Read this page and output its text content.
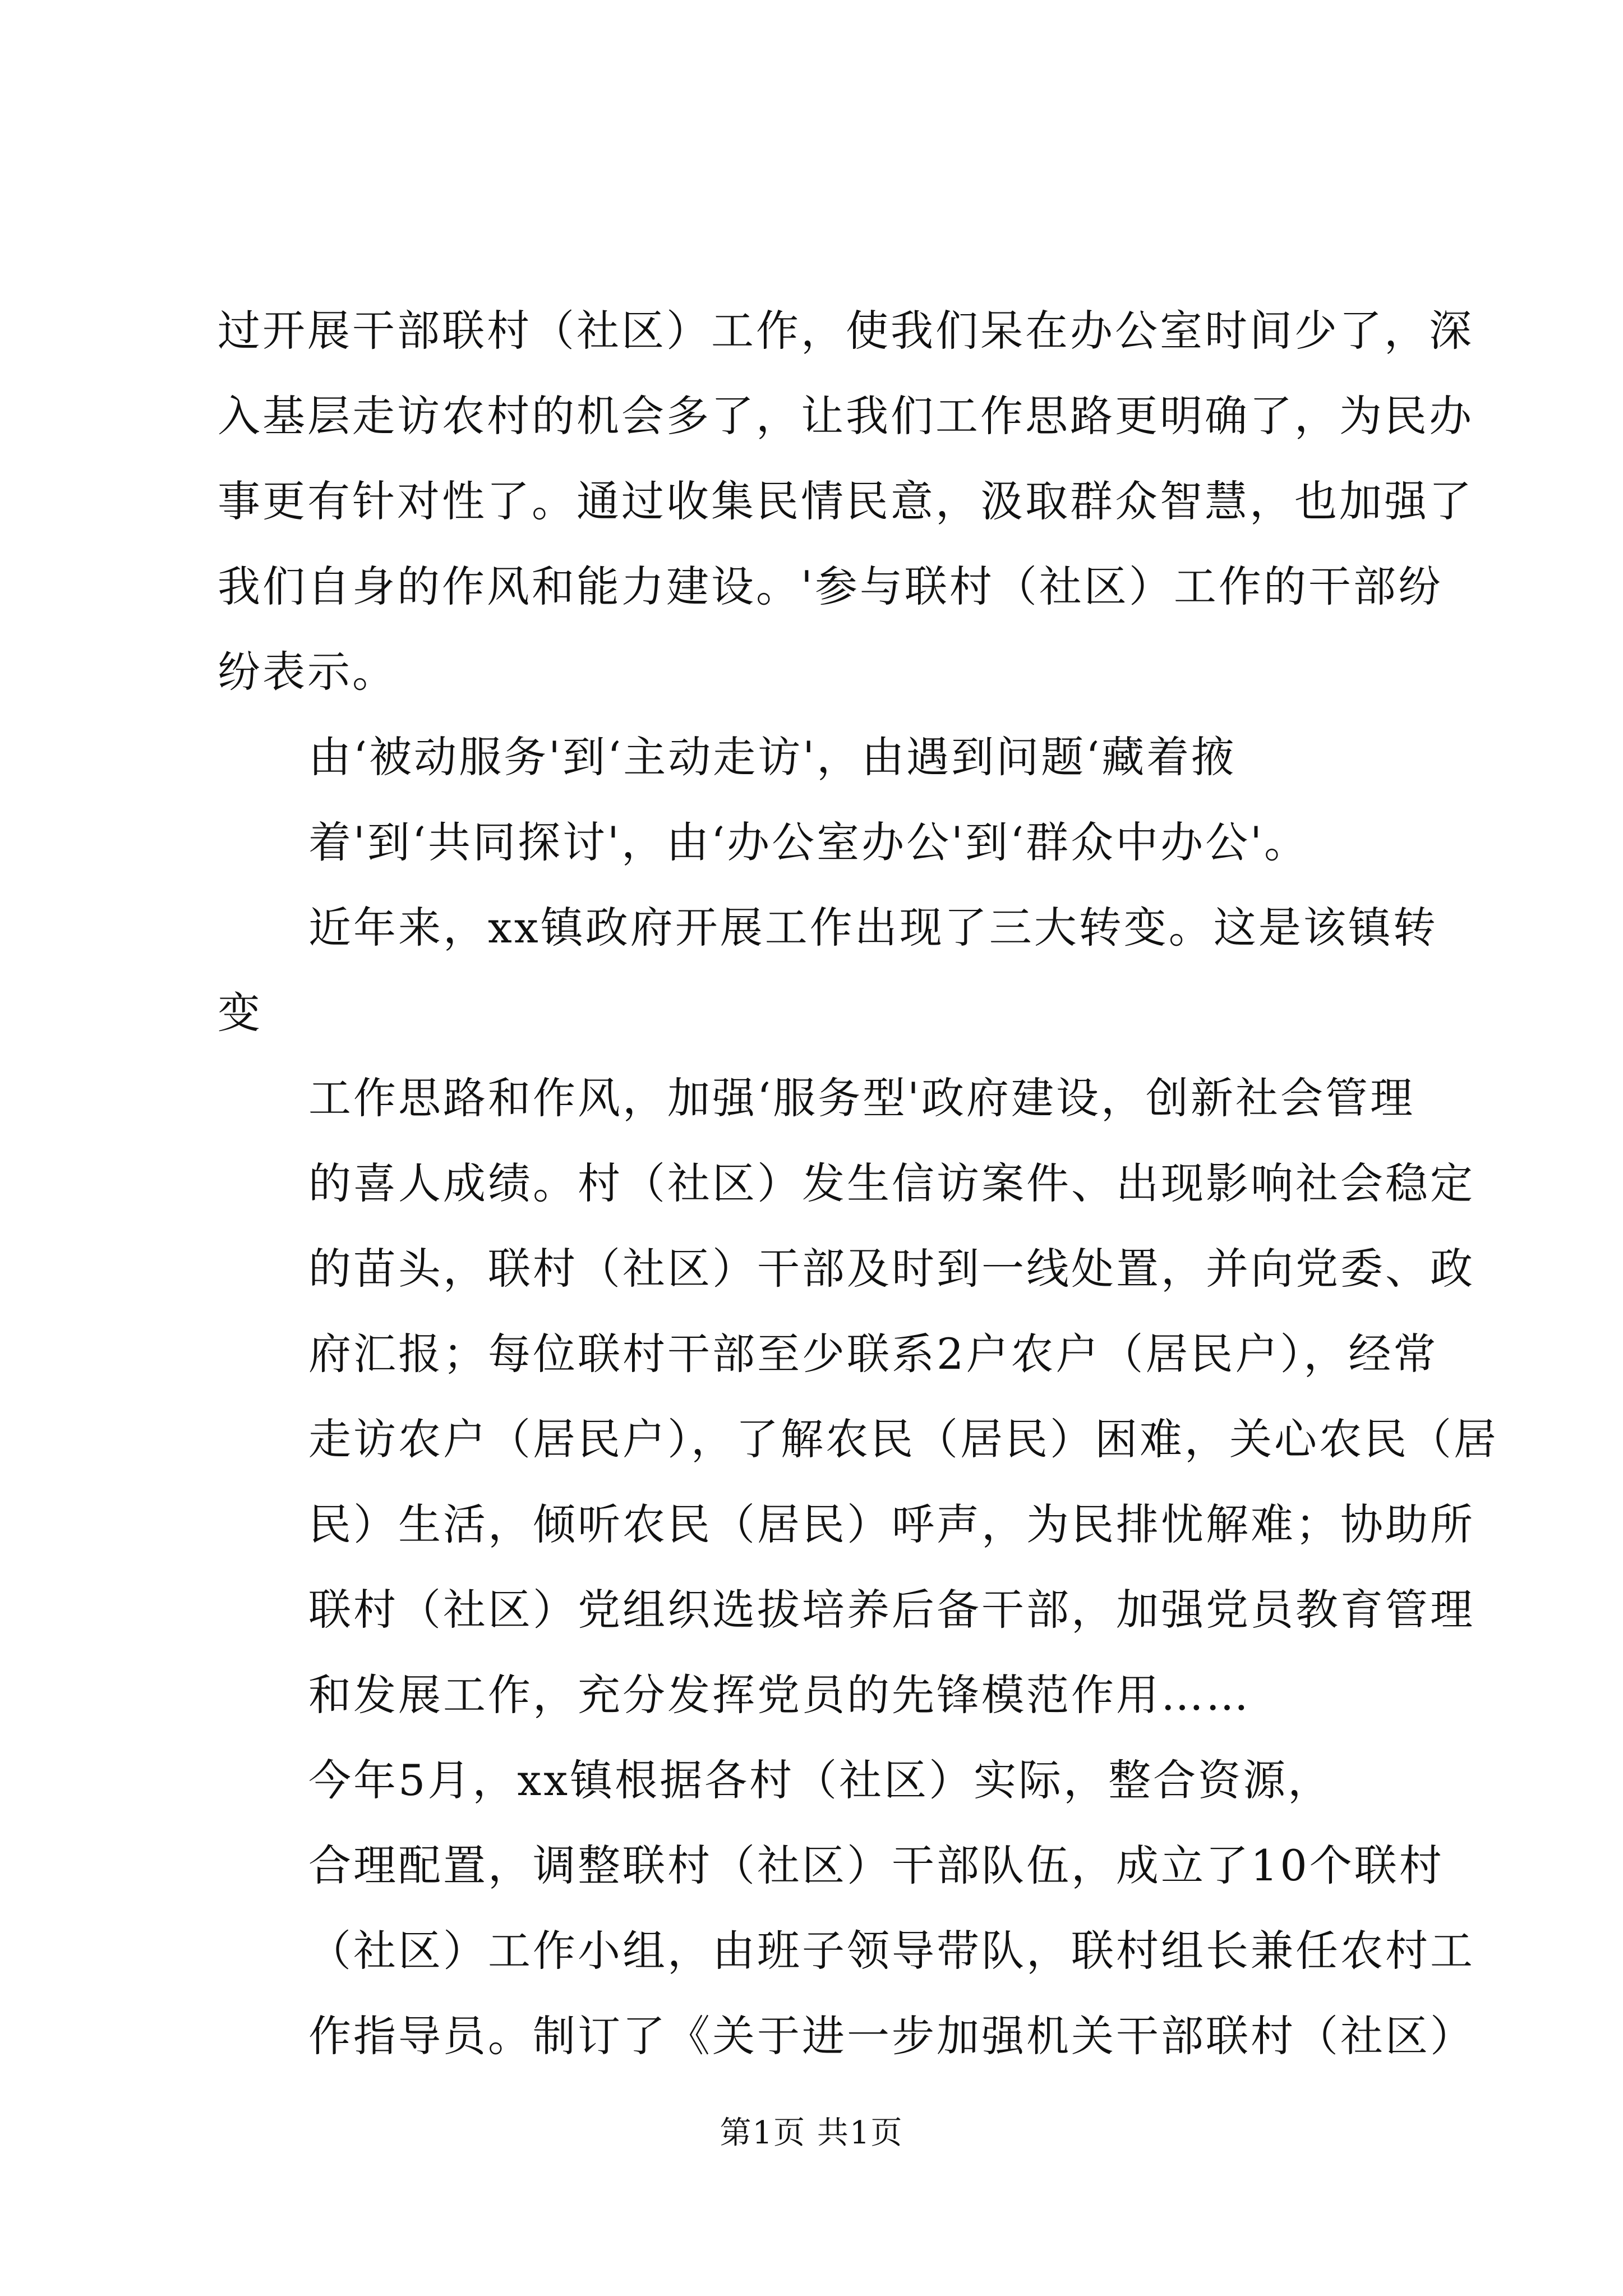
过开展干部联村（社区）工作，使我们呆在办公室时间少了，深
入基层走访农村的机会多了，让我们工作思路更明确了，为民办
事更有针对性了。通过收集民情民意，汲取群众智慧，也加强了
我们自身的作风和能力建设。'参与联村（社区）工作的干部纷
纷表示。
由‘被动服务'到‘主动走访'，由遇到问题‘藏着掖
着'到‘共同探讨'，由‘办公室办公'到‘群众中办公'。
近年来，xx镇政府开展工作出现了三大转变。这是该镇转
变
工作思路和作风，加强‘服务型'政府建设，创新社会管理
的喜人成绩。村（社区）发生信访案件、出现影响社会稳定
的苗头，联村（社区）干部及时到一线处置，并向党委、政
府汇报；每位联村干部至少联系2户农户（居民户），经常
走访农户（居民户），了解农民（居民）困难，关心农民（居
民）生活，倾听农民（居民）呼声，为民排忧解难；协助所
联村（社区）党组织选拔培养后备干部，加强党员教育管理
和发展工作，充分发挥党员的先锋模范作用……
今年5月，xx镇根据各村（社区）实际，整合资源，
合理配置，调整联村（社区）干部队伍，成立了10个联村
（社区）工作小组，由班子领导带队，联村组长兼任农村工
作指导员。制订了《关于进一步加强机关干部联村（社区）
第1页 共1页
